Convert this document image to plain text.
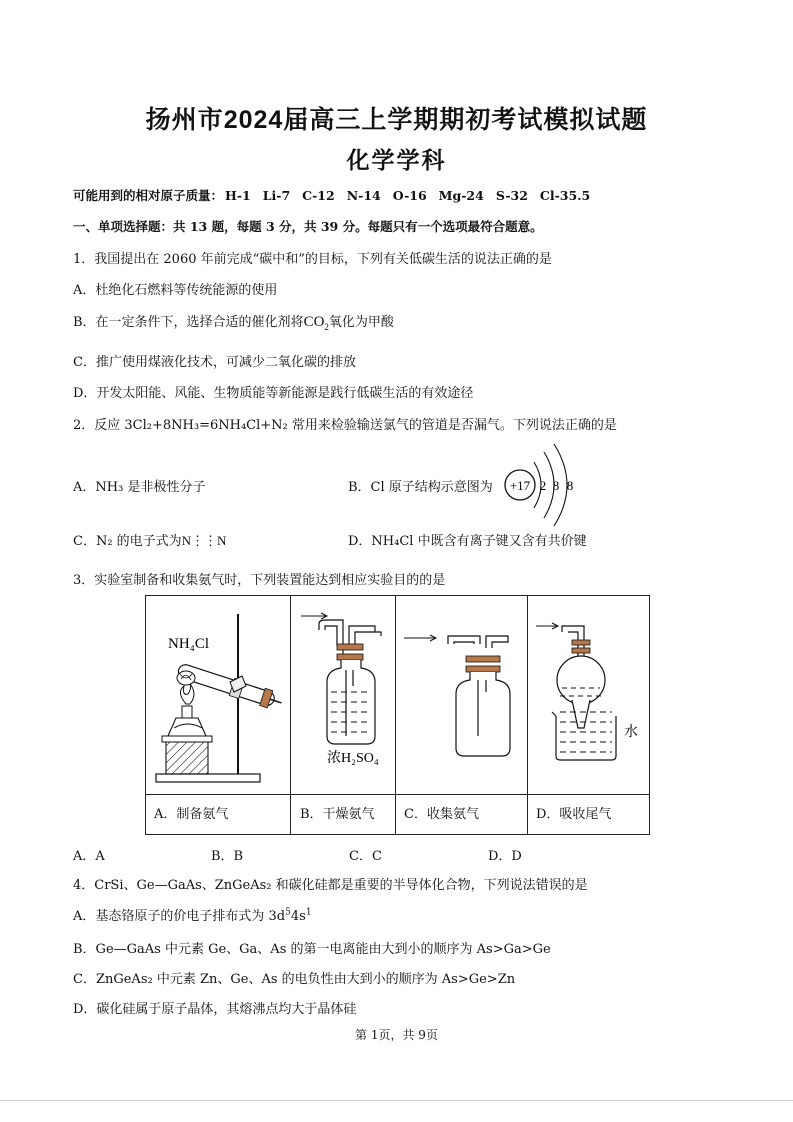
扬州市2024届高三上学期期初考试模拟试题
化学学科
可能用到的相对原子质量： H-1 Li-7 C-12 N-14 O-16 Mg-24 S-32 Cl-35.5
一、单项选择题：共 13 题，每题 3 分，共 39 分。每题只有一个选项最符合题意。
1．我国提出在 2060 年前完成“碳中和”的目标，下列有关低碳生活的说法正确的是
A．杜绝化石燃料等传统能源的使用
B．在一定条件下，选择合适的催化剂将$CO_2$氧化为甲酸
C．推广使用煤液化技术，可减少二氧化碳的排放
D．开发太阳能、风能、生物质能等新能源是践行低碳生活的有效途径
2．反应 3Cl₂+8NH₃=6NH₄Cl+N₂ 常用来检验输送氯气的管道是否漏气。下列说法正确的是
A．NH₃ 是非极性分子	B．Cl 原子结构示意图为 +17 2 8 8
C．N₂ 的电子式为N⋮⋮N	D．NH₄Cl 中既含有离子键又含有共价键
3．实验室制备和收集氨气时，下列装置能达到相应实验目的的是
NH₄Cl
浓H₂SO₄
水
A．制备氨气	B．干燥氨气 C．收集氨气	D．吸收尾气
A．A	B．B	C．C	D．D
4．CrSi、Ge—GaAs、ZnGeAs₂ 和碳化硅都是重要的半导体化合物，下列说法错误的是
A．基态铬原子的价电子排布式为 $3d^54s^1$
B．Ge—GaAs 中元素 Ge、Ga、As 的第一电离能由大到小的顺序为 As>Ga>Ge
C．ZnGeAs₂ 中元素 Zn、Ge、As 的电负性由大到小的顺序为 As>Ge>Zn
D．碳化硅属于原子晶体，其熔沸点均大于晶体硅
第 1页，共 9页
